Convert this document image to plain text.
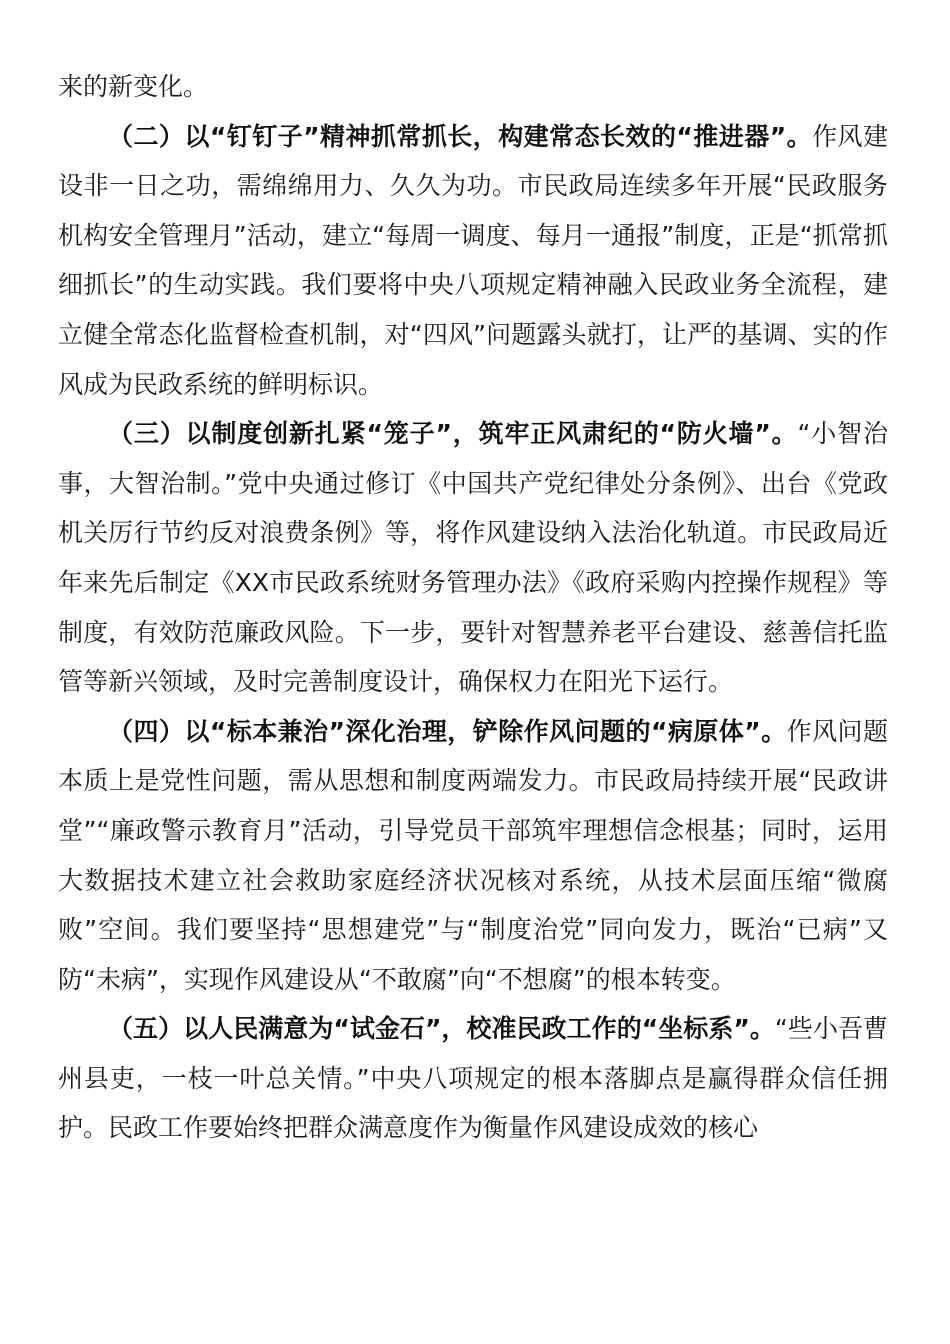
来的新变化。

（二）以“钉钉子”精神抓常抓长，构建常态长效的“推进器”。作风建设非一日之功，需绵绵用力、久久为功。市民政局连续多年开展“民政服务机构安全管理月”活动，建立“每周一调度、每月一通报”制度，正是“抓常抓细抓长”的生动实践。我们要将中央八项规定精神融入民政业务全流程，建立健全常态化监督检查机制，对“四风”问题露头就打，让严的基调、实的作风成为民政系统的鲜明标识。

（三）以制度创新扎紧“笼子”，筑牢正风肃纪的“防火墙”。“小智治事，大智治制。”党中央通过修订《中国共产党纪律处分条例》、出台《党政机关厉行节约反对浪费条例》等，将作风建设纳入法治化轨道。市民政局近年来先后制定《XX市民政系统财务管理办法》《政府采购内控操作规程》等制度，有效防范廉政风险。下一步，要针对智慧养老平台建设、慈善信托监管等新兴领域，及时完善制度设计，确保权力在阳光下运行。

（四）以“标本兼治”深化治理，铲除作风问题的“病原体”。作风问题本质上是党性问题，需从思想和制度两端发力。市民政局持续开展“民政讲堂”“廉政警示教育月”活动，引导党员干部筑牢理想信念根基；同时，运用大数据技术建立社会救助家庭经济状况核对系统，从技术层面压缩“微腐败”空间。我们要坚持“思想建党”与“制度治党”同向发力，既治“已病”又防“未病”，实现作风建设从“不敢腐”向“不想腐”的根本转变。

（五）以人民满意为“试金石”，校准民政工作的“坐标系”。“些小吾曹州县吏，一枝一叶总关情。”中央八项规定的根本落脚点是赢得群众信任拥护。民政工作要始终把群众满意度作为衡量作风建设成效的核心
